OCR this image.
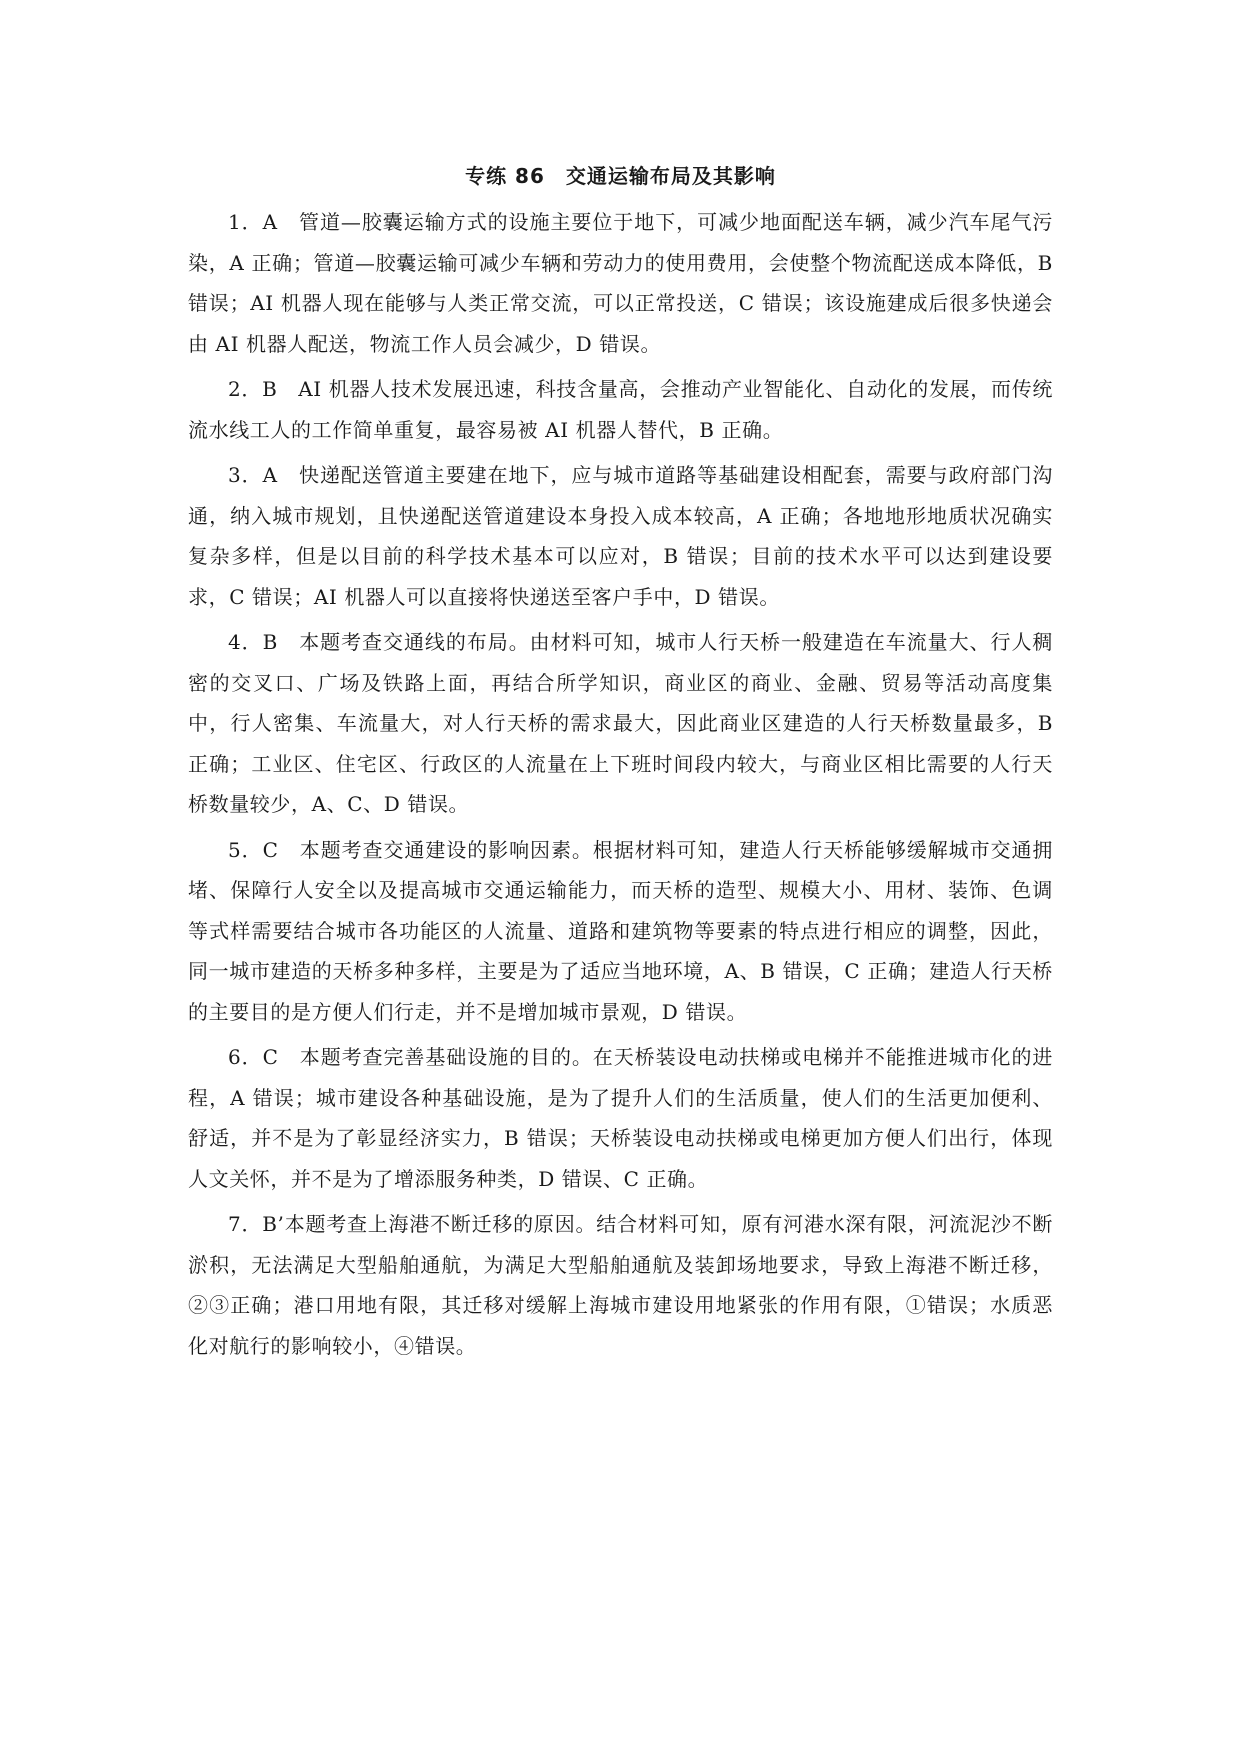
专练 86　交通运输布局及其影响

1．A　管道—胶囊运输方式的设施主要位于地下，可减少地面配送车辆，减少汽车尾气污染，A 正确；管道—胶囊运输可减少车辆和劳动力的使用费用，会使整个物流配送成本降低，B 错误；AI 机器人现在能够与人类正常交流，可以正常投送，C 错误；该设施建成后很多快递会由 AI 机器人配送，物流工作人员会减少，D 错误。

2．B　AI 机器人技术发展迅速，科技含量高，会推动产业智能化、自动化的发展，而传统流水线工人的工作简单重复，最容易被 AI 机器人替代，B 正确。

3．A　快递配送管道主要建在地下，应与城市道路等基础建设相配套，需要与政府部门沟通，纳入城市规划，且快递配送管道建设本身投入成本较高，A 正确；各地地形地质状况确实复杂多样，但是以目前的科学技术基本可以应对，B 错误；目前的技术水平可以达到建设要求，C 错误；AI 机器人可以直接将快递送至客户手中，D 错误。

4．B　本题考查交通线的布局。由材料可知，城市人行天桥一般建造在车流量大、行人稠密的交叉口、广场及铁路上面，再结合所学知识，商业区的商业、金融、贸易等活动高度集中，行人密集、车流量大，对人行天桥的需求最大，因此商业区建造的人行天桥数量最多，B 正确；工业区、住宅区、行政区的人流量在上下班时间段内较大，与商业区相比需要的人行天桥数量较少，A、C、D 错误。

5．C　本题考查交通建设的影响因素。根据材料可知，建造人行天桥能够缓解城市交通拥堵、保障行人安全以及提高城市交通运输能力，而天桥的造型、规模大小、用材、装饰、色调等式样需要结合城市各功能区的人流量、道路和建筑物等要素的特点进行相应的调整，因此，同一城市建造的天桥多种多样，主要是为了适应当地环境，A、B 错误，C 正确；建造人行天桥的主要目的是方便人们行走，并不是增加城市景观，D 错误。

6．C　本题考查完善基础设施的目的。在天桥装设电动扶梯或电梯并不能推进城市化的进程，A 错误；城市建设各种基础设施，是为了提升人们的生活质量，使人们的生活更加便利、舒适，并不是为了彰显经济实力，B 错误；天桥装设电动扶梯或电梯更加方便人们出行，体现人文关怀，并不是为了增添服务种类，D 错误、C 正确。

7．B’本题考查上海港不断迁移的原因。结合材料可知，原有河港水深有限，河流泥沙不断淤积，无法满足大型船舶通航，为满足大型船舶通航及装卸场地要求，导致上海港不断迁移，②③正确；港口用地有限，其迁移对缓解上海城市建设用地紧张的作用有限，①错误；水质恶化对航行的影响较小，④错误。
